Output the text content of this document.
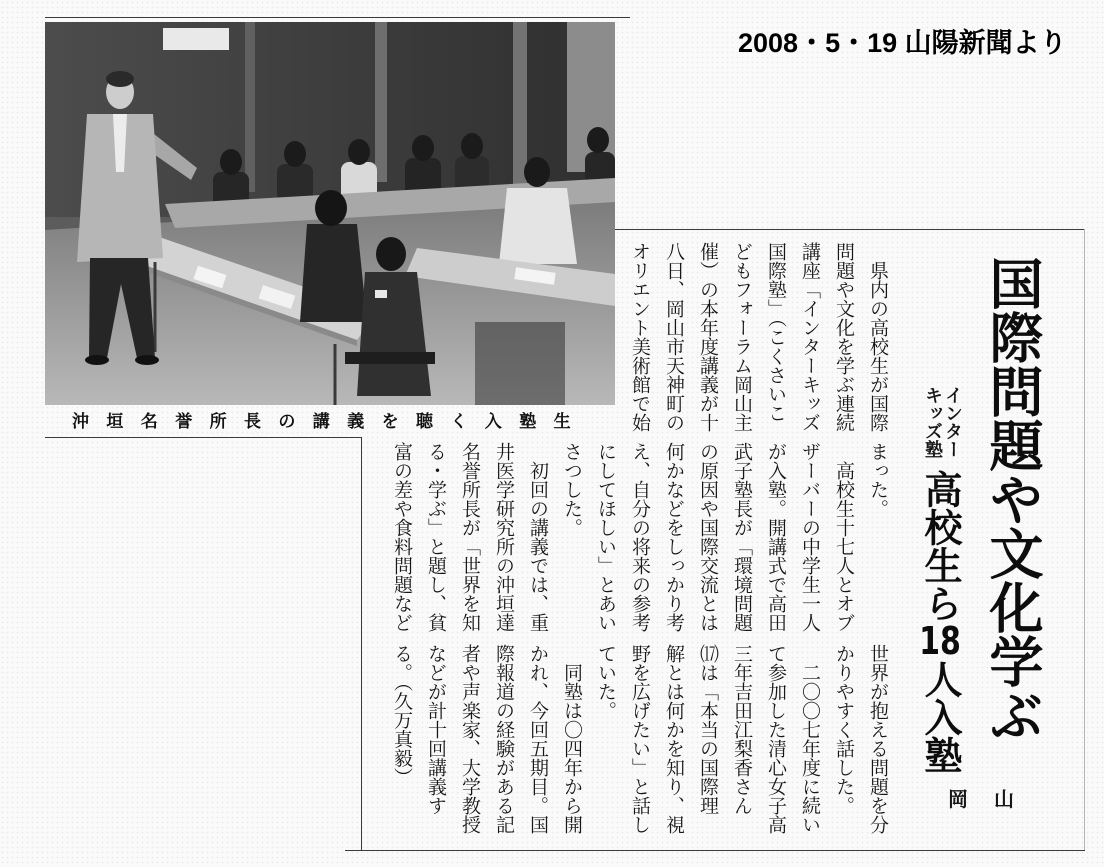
2008・5・19 山陽新聞より
沖垣名誉所長の講義を聴く入塾生	国際問題や文化学ぶ
インター
キッズ塾
高校生ら18人入塾
岡山
県内の高校生が国際
問題や文化を学ぶ連続
講座「インターキッズ
国際塾」（こくさいこ
どもフォーラム岡山主
催）の本年度講義が十
八日、岡山市天神町の
オリエント美術館で始
まった。
高校生十七人とオブ
ザーバーの中学生一人
が入塾。開講式で高田
武子塾長が「環境問題
の原因や国際交流とは
何かなどをしっかり考
え、自分の将来の参考
にしてほしい」とあい
さつした。
初回の講義では、重
井医学研究所の沖垣達
名誉所長が「世界を知
る・学ぶ」と題し、貧
富の差や食料問題など
世界が抱える問題を分
かりやすく話した。
二〇〇七年度に続い
て参加した清心女子高
三年吉田江梨香さん
⒄は「本当の国際理
解とは何かを知り、視
野を広げたい」と話し
ていた。
同塾は〇四年から開
かれ、今回五期目。国
際報道の経験がある記
者や声楽家、大学教授
などが計十回講義す
る。（久万真毅）
